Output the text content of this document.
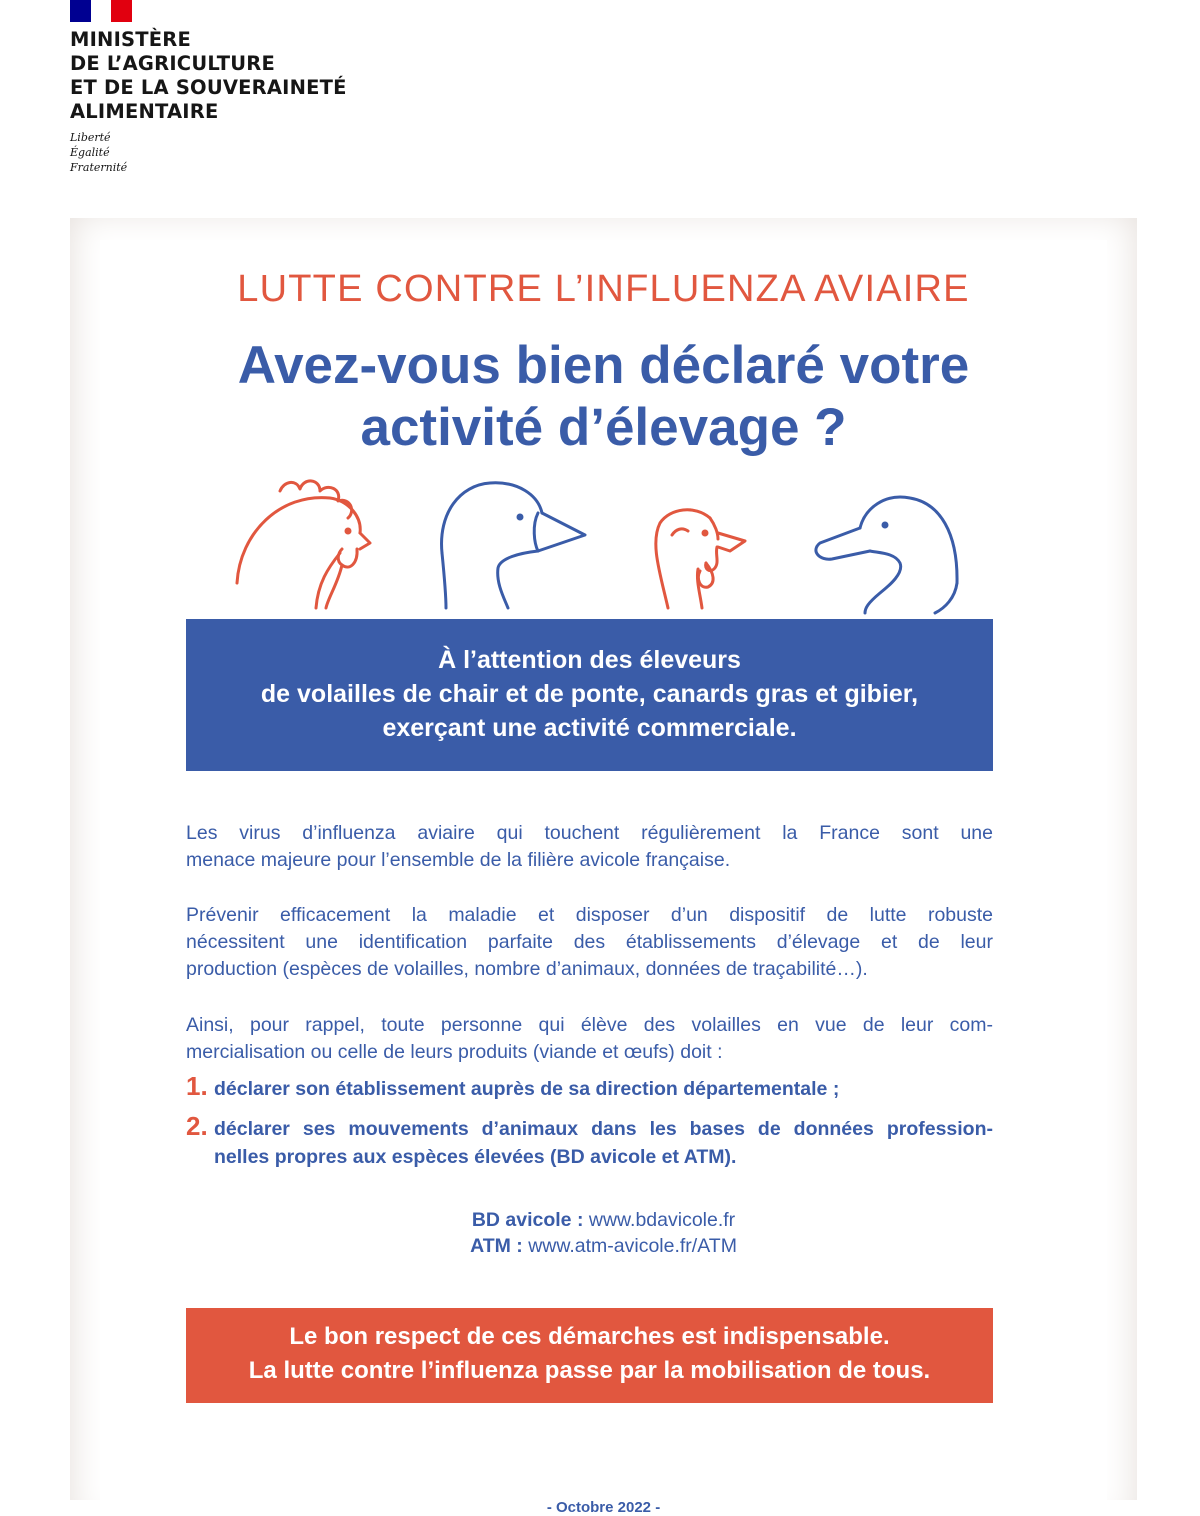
MINISTÈRE
DE L’AGRICULTURE
ET DE LA SOUVERAINETÉ
ALIMENTAIRE
Liberté
Égalité
Fraternité
LUTTE CONTRE L’INFLUENZA AVIAIRE
Avez-vous bien déclaré votre
activité d’élevage ?
À l’attention des éleveurs
de volailles de chair et de ponte, canards gras et gibier,
exerçant une activité commerciale.

Les virus d’influenza aviaire qui touchent régulièrement la France sont une
menace majeure pour l’ensemble de la filière avicole française.

Prévenir efficacement la maladie et disposer d’un dispositif de lutte robuste
nécessitent une identification parfaite des établissements d’élevage et de leur
production (espèces de volailles, nombre d’animaux, données de traçabilité…).

Ainsi, pour rappel, toute personne qui élève des volailles en vue de leur com-
mercialisation ou celle de leurs produits (viande et œufs) doit :

1. déclarer son établissement auprès de sa direction départementale ;
2. déclarer ses mouvements d’animaux dans les bases de données profession-
nelles propres aux espèces élevées (BD avicole et ATM).
BD avicole : www.bdavicole.fr
ATM : www.atm-avicole.fr/ATM
Le bon respect de ces démarches est indispensable.
La lutte contre l’influenza passe par la mobilisation de tous.
- Octobre 2022 -
